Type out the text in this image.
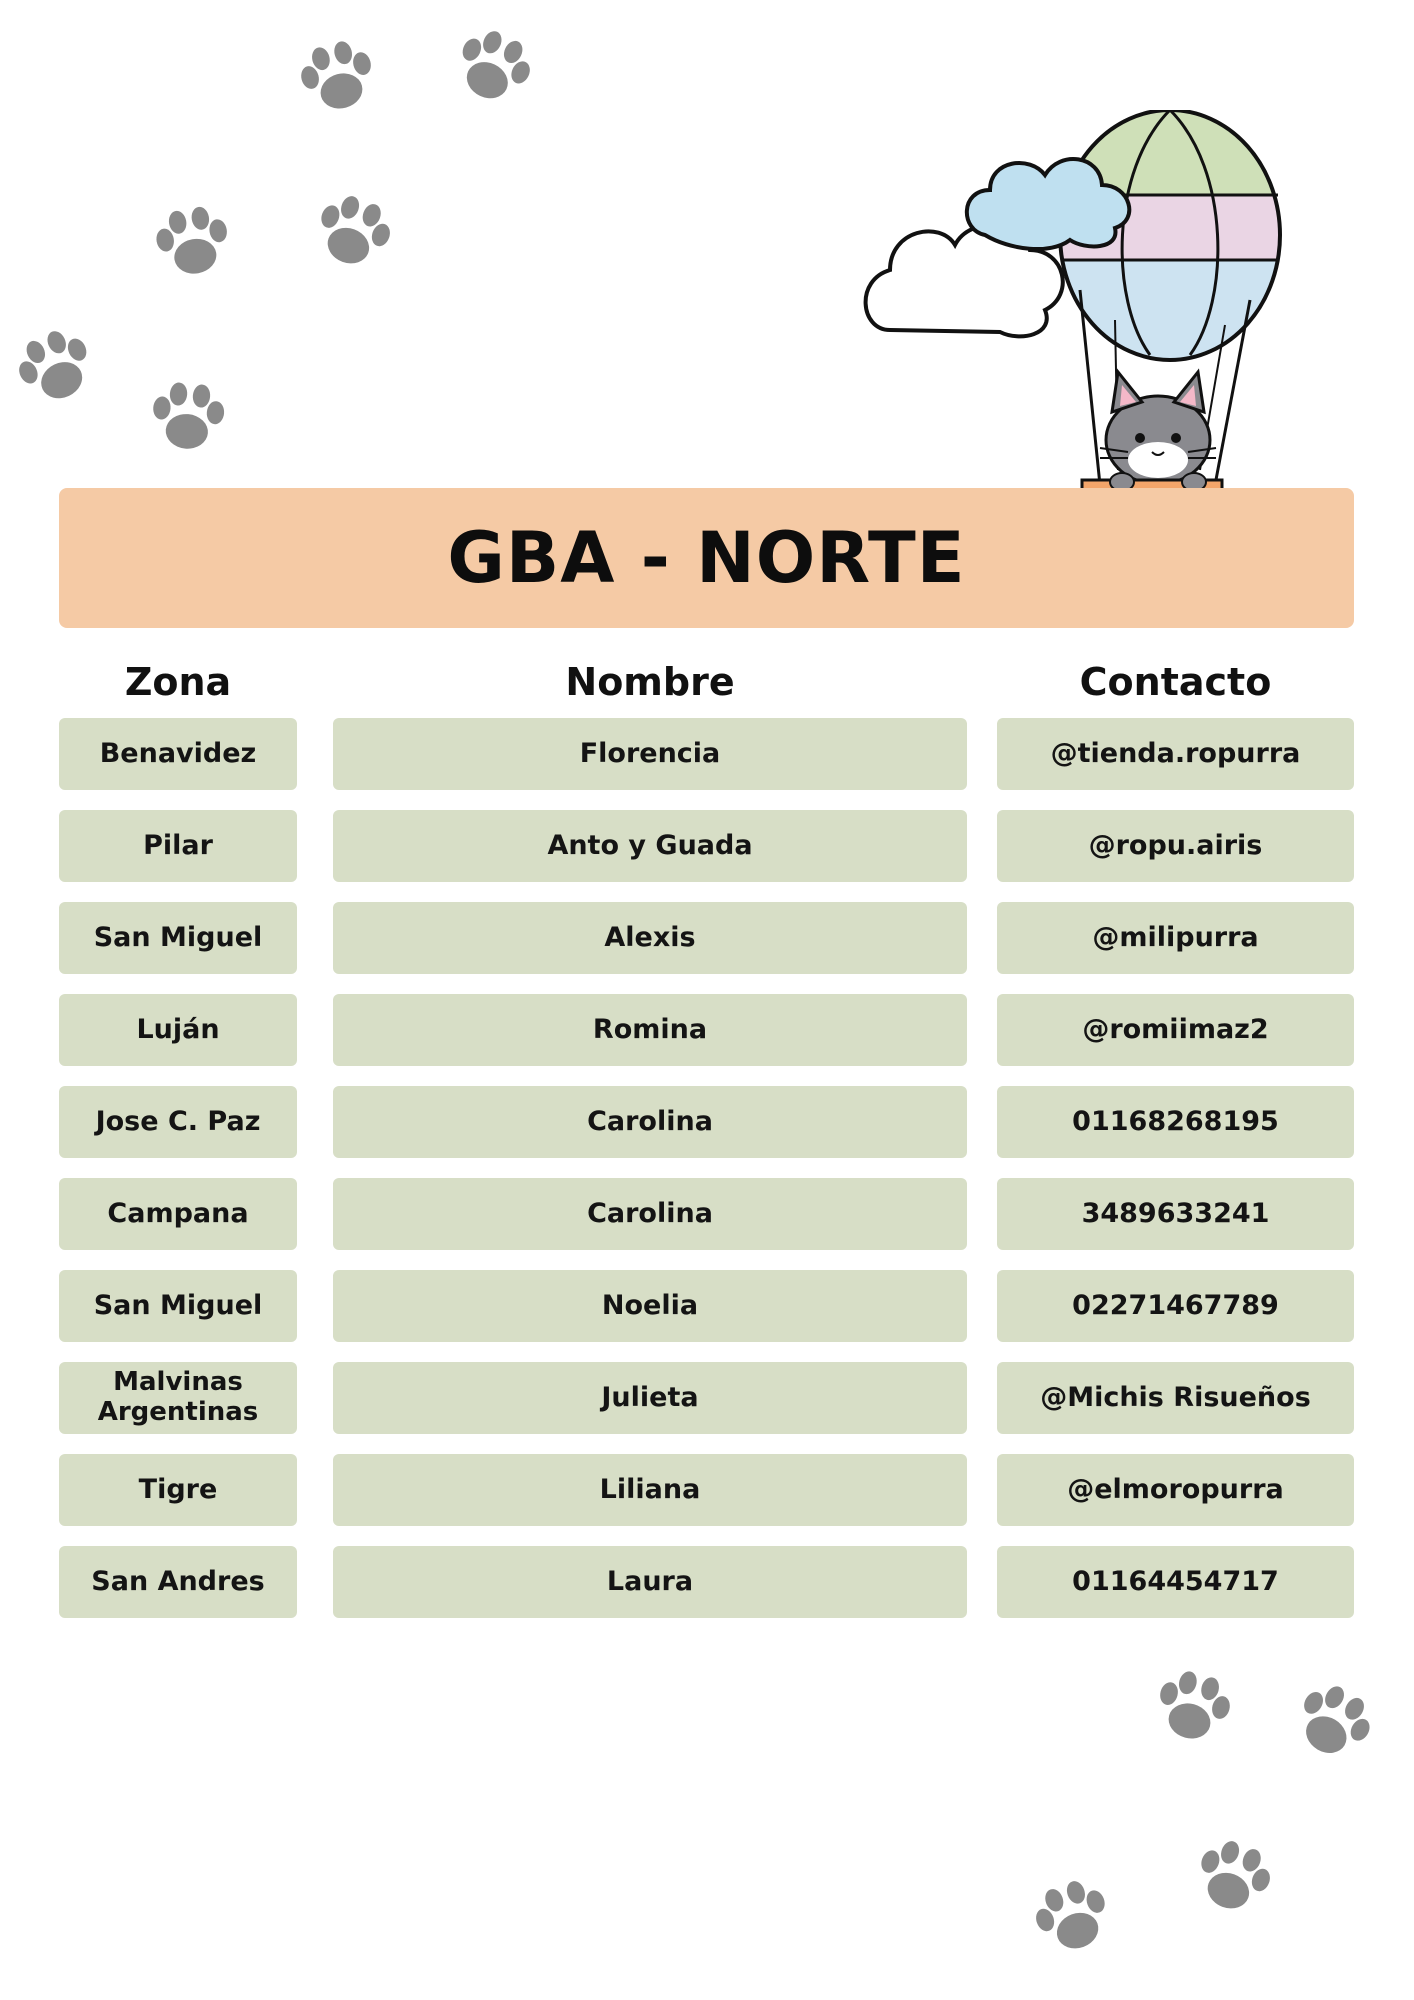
GBA - NORTE
Zona	Nombre	Contacto
Benavidez	Florencia	@tienda.ropurra
Pilar	Anto y Guada	@ropu.airis
San Miguel	Alexis	@milipurra
Luján	Romina	@romiimaz2
Jose C. Paz	Carolina	01168268195
Campana	Carolina	3489633241
San Miguel	Noelia	02271467789
Malvinas Argentinas	Julieta	@Michis Risueños
Tigre	Liliana	@elmoropurra
San Andres	Laura	01164454717
